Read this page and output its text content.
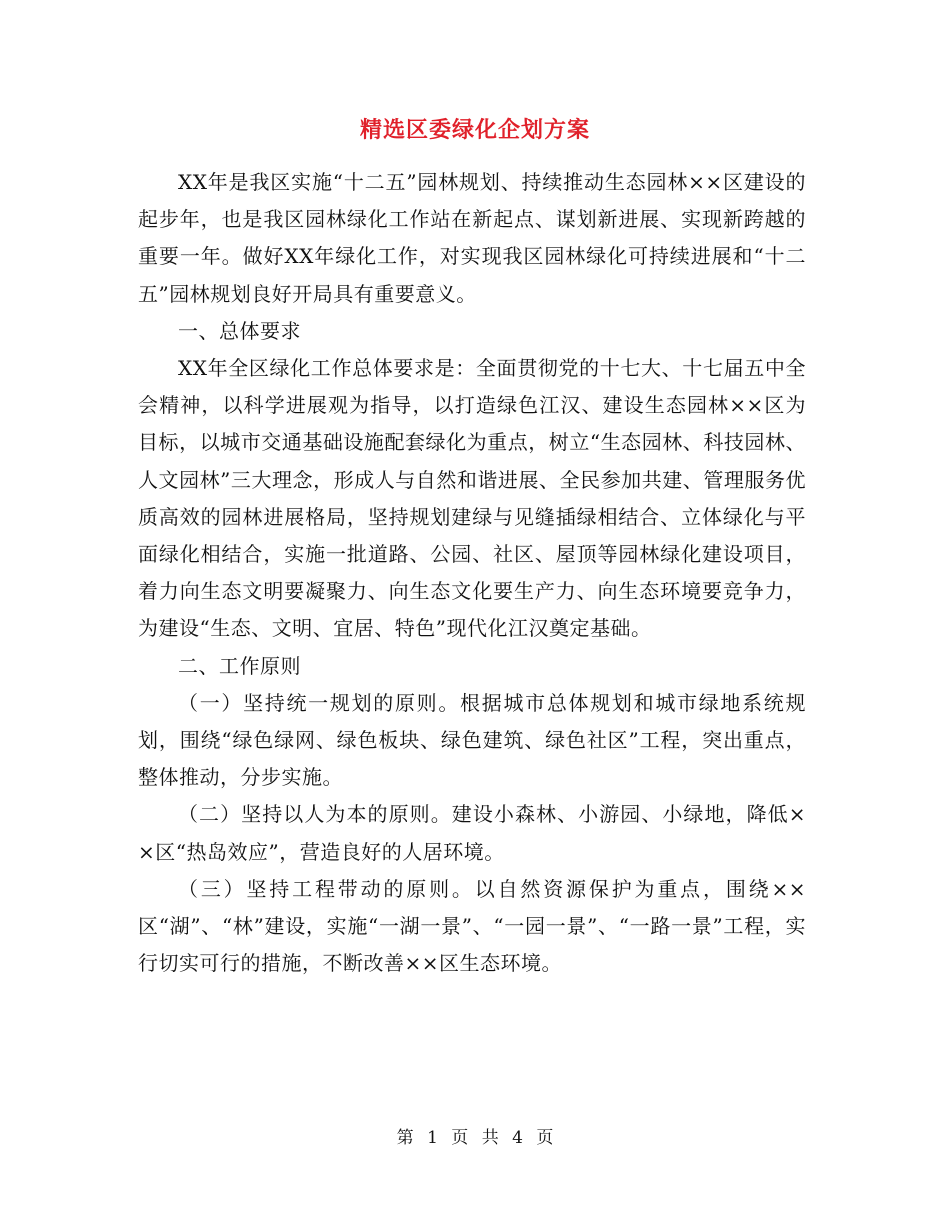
精选区委绿化企划方案

XX年是我区实施“十二五”园林规划、持续推动生态园林××区建设的起步年，也是我区园林绿化工作站在新起点、谋划新进展、实现新跨越的重要一年。做好XX年绿化工作，对实现我区园林绿化可持续进展和“十二五”园林规划良好开局具有重要意义。

一、总体要求

XX年全区绿化工作总体要求是：全面贯彻党的十七大、十七届五中全会精神，以科学进展观为指导，以打造绿色江汉、建设生态园林××区为目标，以城市交通基础设施配套绿化为重点，树立“生态园林、科技园林、人文园林”三大理念，形成人与自然和谐进展、全民参加共建、管理服务优质高效的园林进展格局，坚持规划建绿与见缝插绿相结合、立体绿化与平面绿化相结合，实施一批道路、公园、社区、屋顶等园林绿化建设项目，着力向生态文明要凝聚力、向生态文化要生产力、向生态环境要竞争力，为建设“生态、文明、宜居、特色”现代化江汉奠定基础。

二、工作原则

（一）坚持统一规划的原则。根据城市总体规划和城市绿地系统规划，围绕“绿色绿网、绿色板块、绿色建筑、绿色社区”工程，突出重点，整体推动，分步实施。

（二）坚持以人为本的原则。建设小森林、小游园、小绿地，降低××区“热岛效应”，营造良好的人居环境。

（三）坚持工程带动的原则。以自然资源保护为重点，围绕××区“湖”、“林”建设，实施“一湖一景”、“一园一景”、“一路一景”工程，实行切实可行的措施，不断改善××区生态环境。

第 1 页 共 4 页
